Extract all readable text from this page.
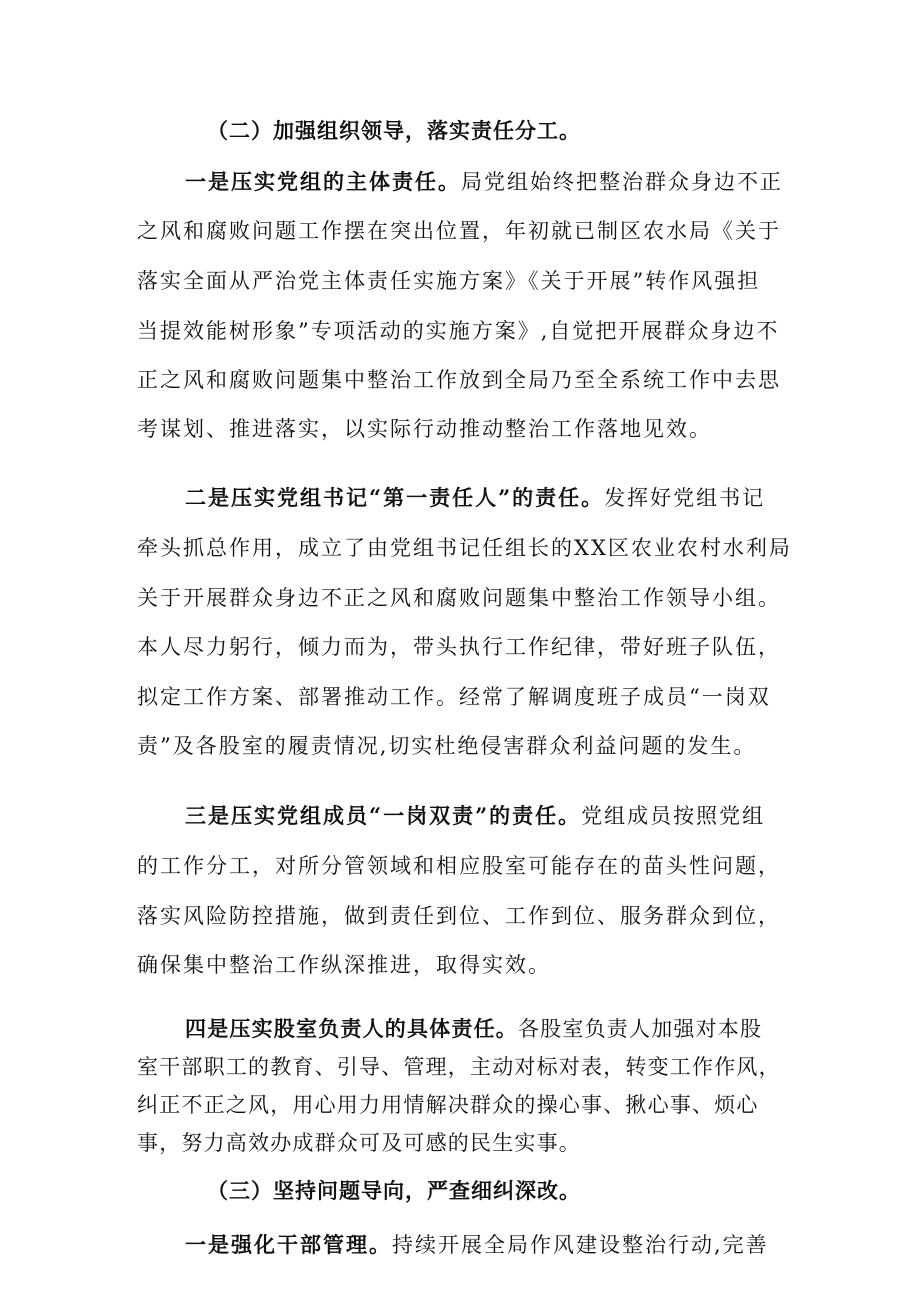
（二）加强组织领导，落实责任分工。
一是压实党组的主体责任。局党组始终把整治群众身边不正
之风和腐败问题工作摆在突出位置，年初就已制区农水局《关于
落实全面从严治党主体责任实施方案》《关于开展”转作风强担
当提效能树形象”专项活动的实施方案》,自觉把开展群众身边不
正之风和腐败问题集中整治工作放到全局乃至全系统工作中去思
考谋划、推进落实，以实际行动推动整治工作落地见效。
二是压实党组书记“第一责任人”的责任。发挥好党组书记
牵头抓总作用，成立了由党组书记任组长的XX区农业农村水利局
关于开展群众身边不正之风和腐败问题集中整治工作领导小组。
本人尽力躬行，倾力而为，带头执行工作纪律，带好班子队伍，
拟定工作方案、部署推动工作。经常了解调度班子成员“一岗双
责”及各股室的履责情况,切实杜绝侵害群众利益问题的发生。
三是压实党组成员“一岗双责”的责任。党组成员按照党组
的工作分工，对所分管领域和相应股室可能存在的苗头性问题，
落实风险防控措施，做到责任到位、工作到位、服务群众到位，
确保集中整治工作纵深推进，取得实效。
四是压实股室负责人的具体责任。各股室负责人加强对本股
室干部职工的教育、引导、管理，主动对标对表，转变工作作风，
纠正不正之风，用心用力用情解决群众的操心事、揪心事、烦心
事，努力高效办成群众可及可感的民生实事。
（三）坚持问题导向，严查细纠深改。
一是强化干部管理。持续开展全局作风建设整治行动,完善
